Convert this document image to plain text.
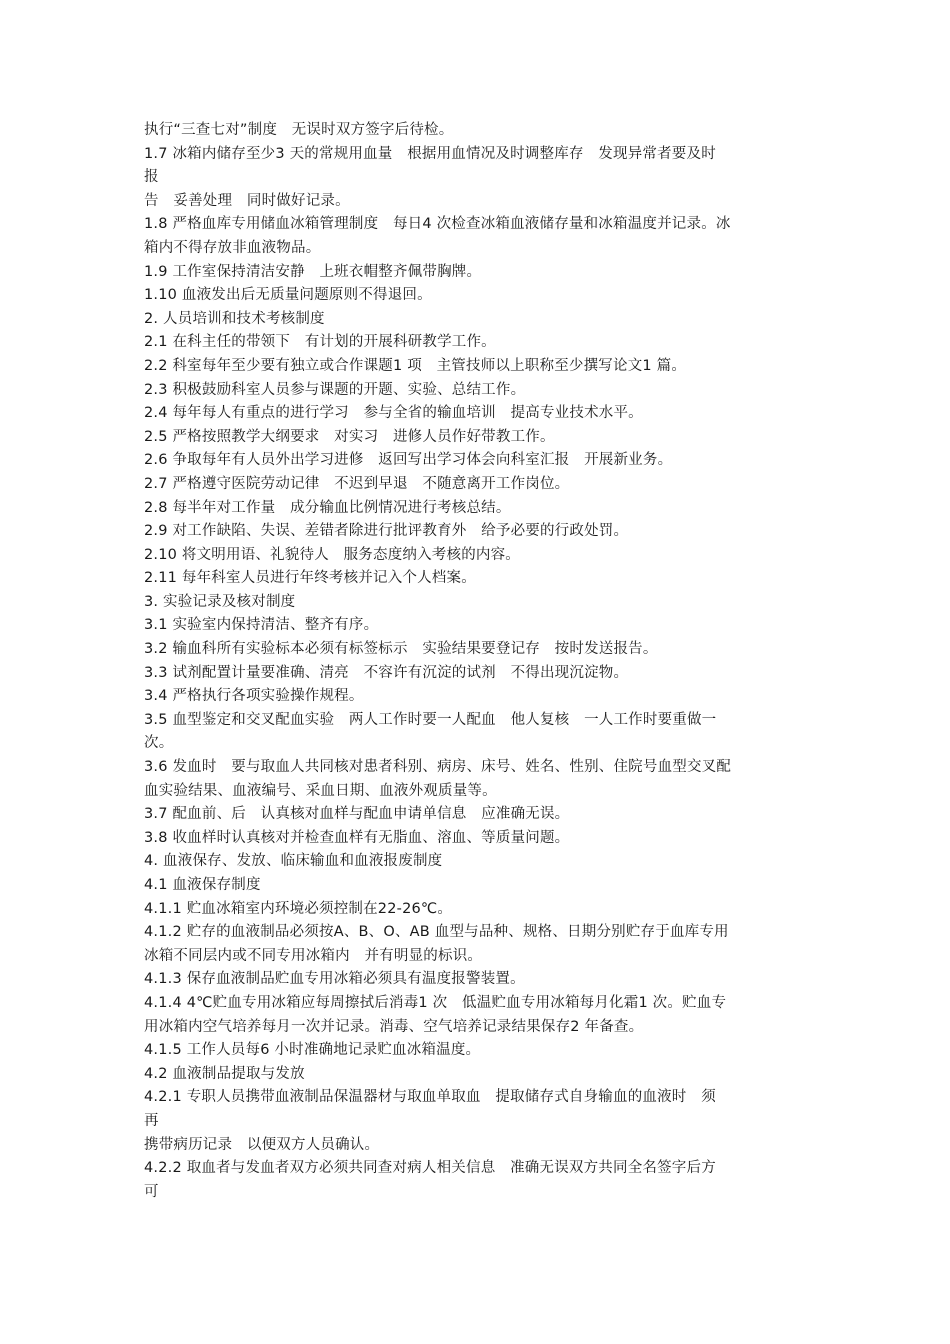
执行“三查七对”制度　无误时双方签字后待检。
1.7 冰箱内储存至少3 天的常规用血量　根据用血情况及时调整库存　发现异常者要及时
报
告　妥善处理　同时做好记录。
1.8 严格血库专用储血冰箱管理制度　每日4 次检查冰箱血液储存量和冰箱温度并记录。冰
箱内不得存放非血液物品。
1.9 工作室保持清洁安静　上班衣帽整齐佩带胸牌。
1.10 血液发出后无质量问题原则不得退回。
2. 人员培训和技术考核制度
2.1 在科主任的带领下　有计划的开展科研教学工作。
2.2 科室每年至少要有独立或合作课题1 项　主管技师以上职称至少撰写论文1 篇。
2.3 积极鼓励科室人员参与课题的开题、实验、总结工作。
2.4 每年每人有重点的进行学习　参与全省的输血培训　提高专业技术水平。
2.5 严格按照教学大纲要求　对实习　进修人员作好带教工作。
2.6 争取每年有人员外出学习进修　返回写出学习体会向科室汇报　开展新业务。
2.7 严格遵守医院劳动记律　不迟到早退　不随意离开工作岗位。
2.8 每半年对工作量　成分输血比例情况进行考核总结。
2.9 对工作缺陷、失误、差错者除进行批评教育外　给予必要的行政处罚。
2.10 将文明用语、礼貌待人　服务态度纳入考核的内容。
2.11 每年科室人员进行年终考核并记入个人档案。
3. 实验记录及核对制度
3.1 实验室内保持清洁、整齐有序。
3.2 输血科所有实验标本必须有标签标示　实验结果要登记存　按时发送报告。
3.3 试剂配置计量要准确、清亮　不容许有沉淀的试剂　不得出现沉淀物。
3.4 严格执行各项实验操作规程。
3.5 血型鉴定和交叉配血实验　两人工作时要一人配血　他人复核　一人工作时要重做一
次。
3.6 发血时　要与取血人共同核对患者科别、病房、床号、姓名、性别、住院号血型交叉配
血实验结果、血液编号、采血日期、血液外观质量等。
3.7 配血前、后　认真核对血样与配血申请单信息　应准确无误。
3.8 收血样时认真核对并检查血样有无脂血、溶血、等质量问题。
4. 血液保存、发放、临床输血和血液报废制度
4.1 血液保存制度
4.1.1 贮血冰箱室内环境必须控制在22-26℃。
4.1.2 贮存的血液制品必须按A、B、O、AB 血型与品种、规格、日期分别贮存于血库专用
冰箱不同层内或不同专用冰箱内　并有明显的标识。
4.1.3 保存血液制品贮血专用冰箱必须具有温度报警装置。
4.1.4 4℃贮血专用冰箱应每周擦拭后消毒1 次　低温贮血专用冰箱每月化霜1 次。贮血专
用冰箱内空气培养每月一次并记录。消毒、空气培养记录结果保存2 年备查。
4.1.5 工作人员每6 小时准确地记录贮血冰箱温度。
4.2 血液制品提取与发放
4.2.1 专职人员携带血液制品保温器材与取血单取血　提取储存式自身输血的血液时　须
再
携带病历记录　以便双方人员确认。
4.2.2 取血者与发血者双方必须共同查对病人相关信息　准确无误双方共同全名签字后方
可
